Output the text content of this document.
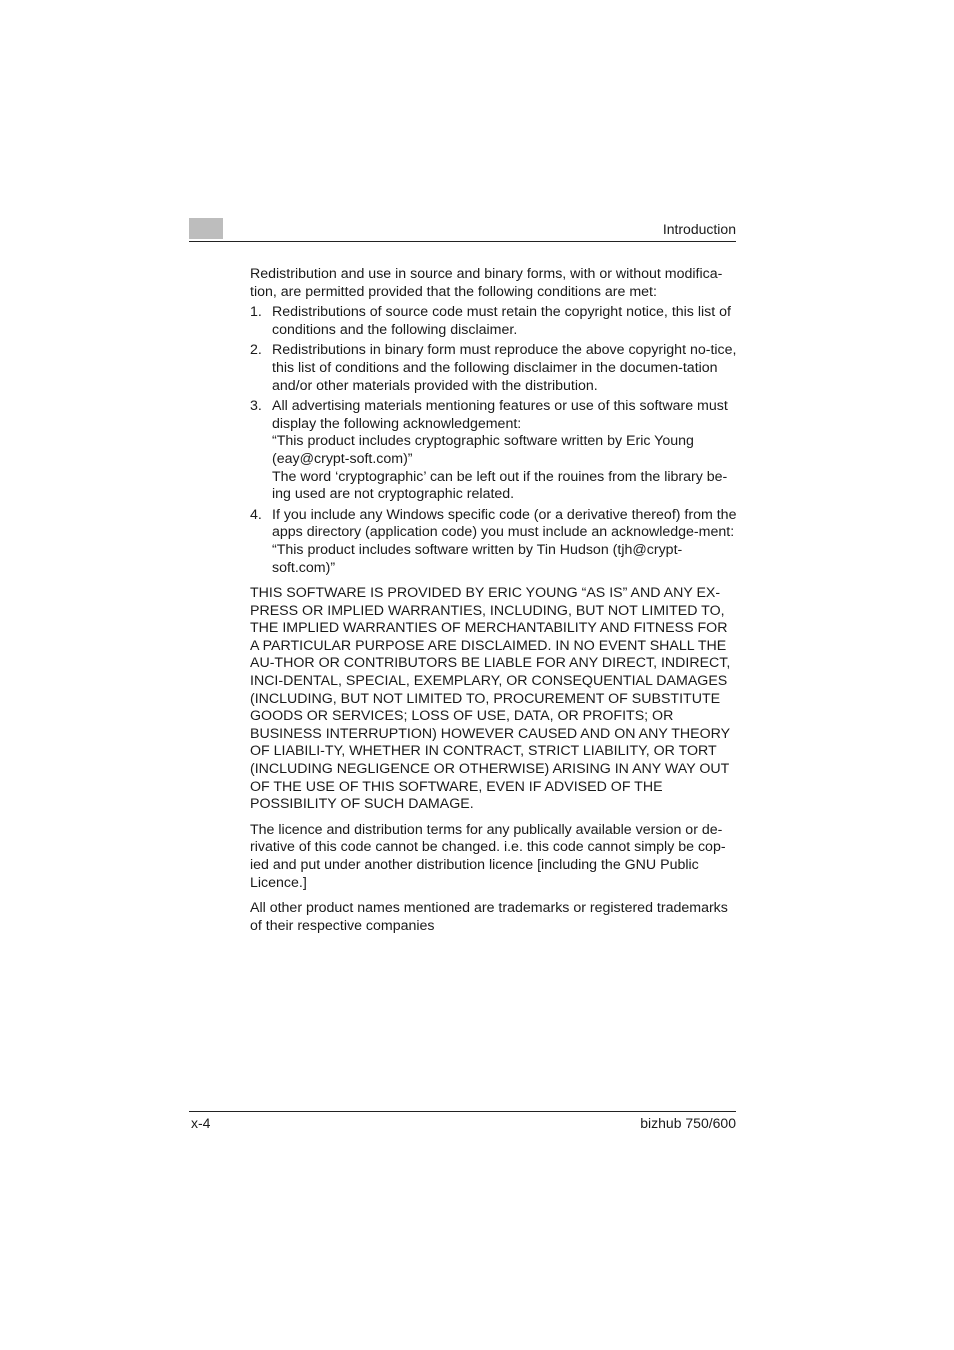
Introduction

Redistribution and use in source and binary forms, with or without modifica-tion, are permitted provided that the following conditions are met:

1. Redistributions of source code must retain the copyright notice, this list of conditions and the following disclaimer.
2. Redistributions in binary form must reproduce the above copyright no-tice, this list of conditions and the following disclaimer in the documen-tation and/or other materials provided with the distribution.
3. All advertising materials mentioning features or use of this software must display the following acknowledgement:
“This product includes cryptographic software written by Eric Young (eay@crypt-soft.com)”
The word ‘cryptographic’ can be left out if the rouines from the library be-ing used are not cryptographic related.
4. If you include any Windows specific code (or a derivative thereof) from the apps directory (application code) you must include an acknowledge-ment:
“This product includes software written by Tin Hudson (tjh@crypt-soft.com)”

THIS SOFTWARE IS PROVIDED BY ERIC YOUNG “AS IS” AND ANY EX-PRESS OR IMPLIED WARRANTIES, INCLUDING, BUT NOT LIMITED TO, THE IMPLIED WARRANTIES OF MERCHANTABILITY AND FITNESS FOR A PARTICULAR PURPOSE ARE DISCLAIMED. IN NO EVENT SHALL THE AU-THOR OR CONTRIBUTORS BE LIABLE FOR ANY DIRECT, INDIRECT, INCI-DENTAL, SPECIAL, EXEMPLARY, OR CONSEQUENTIAL DAMAGES (INCLUDING, BUT NOT LIMITED TO, PROCUREMENT OF SUBSTITUTE GOODS OR SERVICES; LOSS OF USE, DATA, OR PROFITS; OR BUSINESS INTERRUPTION) HOWEVER CAUSED AND ON ANY THEORY OF LIABILI-TY, WHETHER IN CONTRACT, STRICT LIABILITY, OR TORT (INCLUDING NEGLIGENCE OR OTHERWISE) ARISING IN ANY WAY OUT OF THE USE OF THIS SOFTWARE, EVEN IF ADVISED OF THE POSSIBILITY OF SUCH DAMAGE.

The licence and distribution terms for any publically available version or de-rivative of this code cannot be changed. i.e. this code cannot simply be cop-ied and put under another distribution licence [including the GNU Public Licence.]

All other product names mentioned are trademarks or registered trademarks of their respective companies

x-4	bizhub 750/600
